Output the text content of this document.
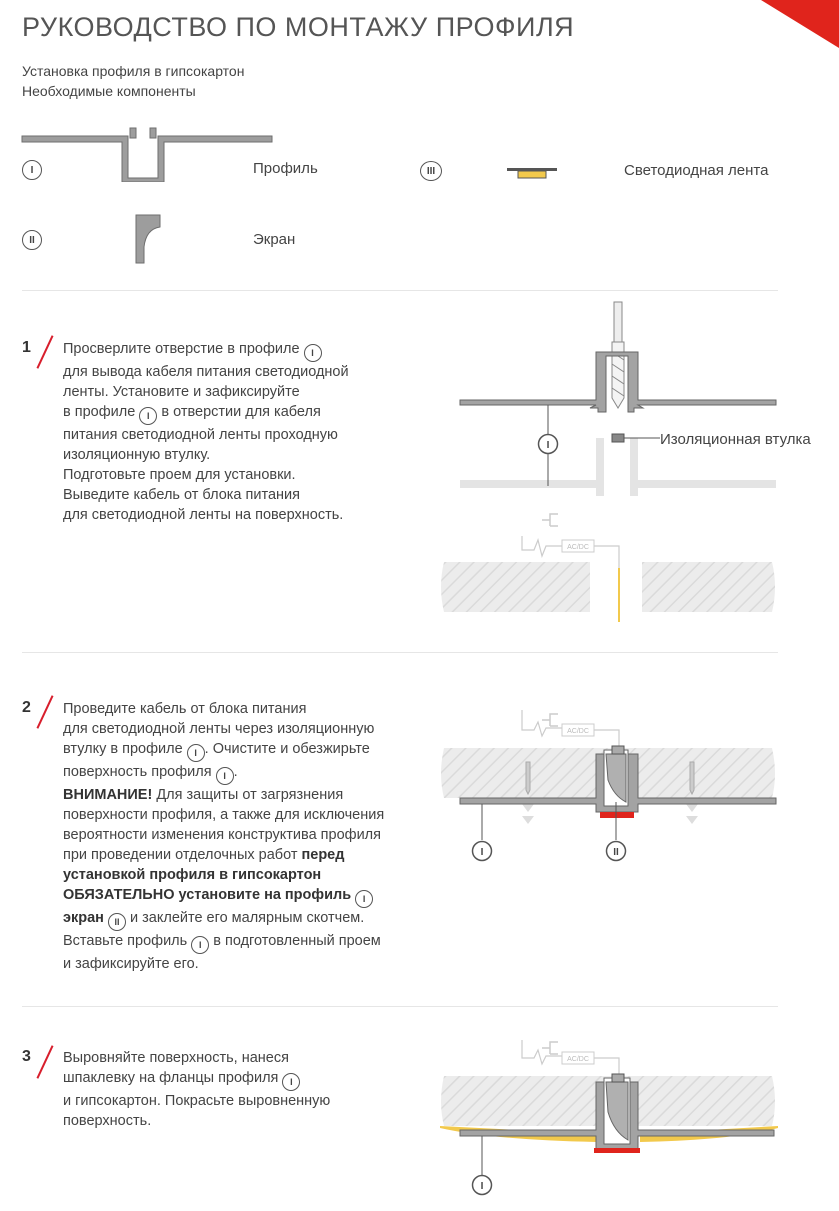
РУКОВОДСТВО ПО МОНТАЖУ ПРОФИЛЯ
Установка профиля в гипсокартон
Необходимые компоненты
I	Профиль	III	Светодиодная лента
II	Экран
1 Просверлите отверстие в профиле I

для вывода кабеля питания светодиодной
ленты. Установите и зафиксируйте
в профиле I в отверстии для кабеля
питания светодиодной ленты проходную
изоляционную втулку.
Подготовьте проем для установки.
Выведите кабель от блока питания
для светодиодной ленты на поверхность.
I
AC/DC
Изоляционная втулка
2 Проведите кабель от блока питания
для светодиодной ленты через изоляционную
втулку в профиле I . Очистите и обезжирьте
поверхность профиля I .
ВНИМАНИЕ! Для защиты от загрязнения
поверхности профиля, а также для исключения
вероятности изменения конструктива профиля
при проведении отделочных работ перед
установкой профиля в гипсокартон
ОБЯЗАТЕЛЬНО установите на профиль I

экран II и заклейте его малярным скотчем.
Вставьте профиль I в подготовленный проем
и зафиксируйте его.
AC/DC
I	II
3 Выровняйте поверхность, нанеся
шпаклевку на фланцы профиля I

и гипсокартон. Покрасьте выровненную
поверхность.
AC/DC
I
